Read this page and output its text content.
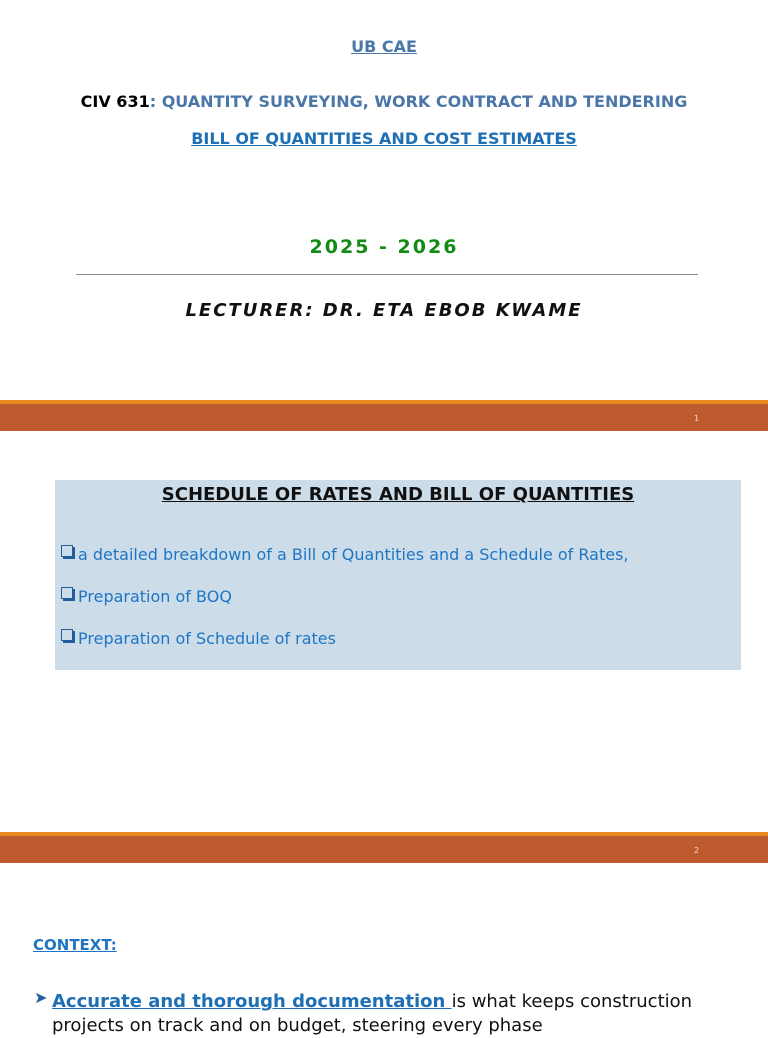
UB CAE
CIV 631: QUANTITY SURVEYING, WORK CONTRACT AND TENDERING
BILL OF QUANTITIES AND COST ESTIMATES
2025 - 2026
LECTURER: DR. ETA EBOB KWAME
1
SCHEDULE OF RATES AND BILL OF QUANTITIES
a detailed breakdown of a Bill of Quantities and a Schedule of Rates,
Preparation of BOQ
Preparation of Schedule of rates
2
CONTEXT:
➤ Accurate and thorough documentation is what keeps construction projects on track and on budget, steering every phase
